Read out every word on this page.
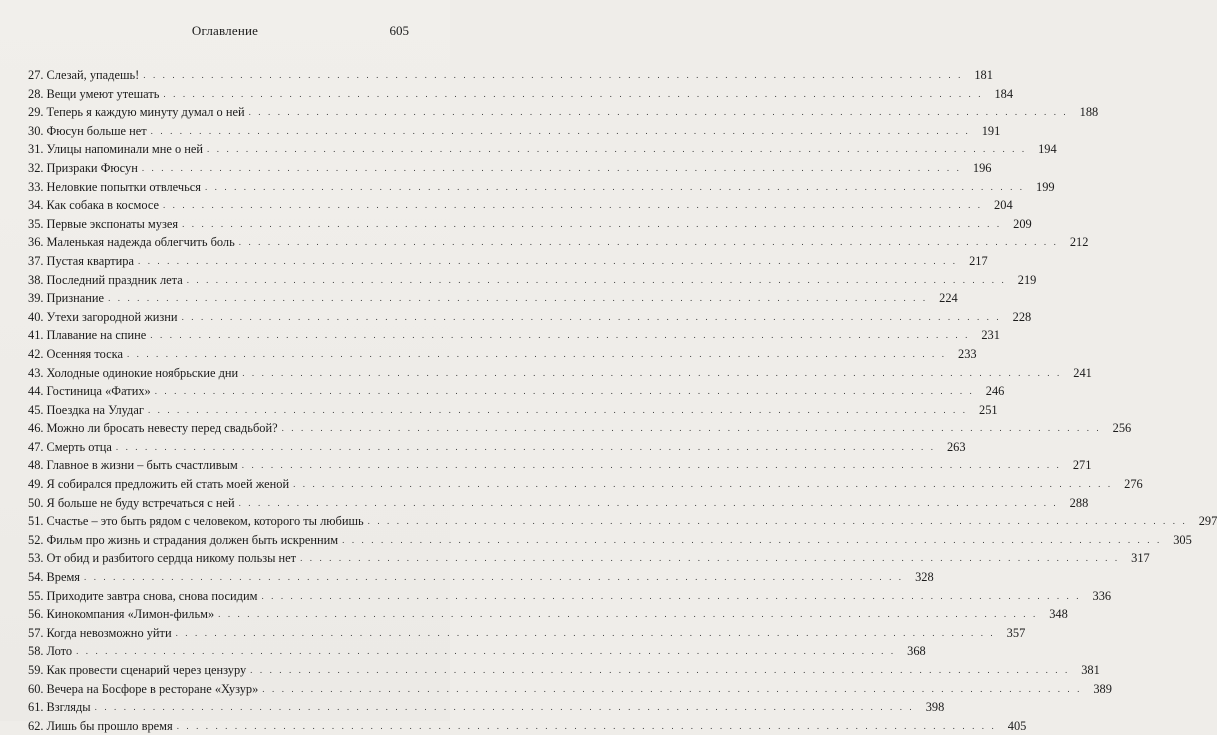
Оглавление	605
27. Слезай, упадешь! . . .	181
28. Вещи умеют утешать . . .	184
29. Теперь я каждую минуту думал о ней . . .	188
30. Фюсун больше нет . . .	191
31. Улицы напоминали мне о ней . . .	194
32. Призраки Фюсун . . .	196
33. Неловкие попытки отвлечься . . .	199
34. Как собака в космосе . . .	204
35. Первые экспонаты музея . . .	209
36. Маленькая надежда облегчить боль . . .	212
37. Пустая квартира . . .	217
38. Последний праздник лета . . .	219
39. Признание . . .	224
40. Утехи загородной жизни . . .	228
41. Плавание на спине . . .	231
42. Осенняя тоска . . .	233
43. Холодные одинокие ноябрьские дни . . .	241
44. Гостиница «Фатих» . . .	246
45. Поездка на Улудаг . . .	251
46. Можно ли бросать невесту перед свадьбой? . . .	256
47. Смерть отца . . .	263
48. Главное в жизни – быть счастливым . . .	271
49. Я собирался предложить ей стать моей женой . . .	276
50. Я больше не буду встречаться с ней . . .	288
51. Счастье – это быть рядом с человеком, которого ты любишь . . .	297
52. Фильм про жизнь и страдания должен быть искренним . . .	305
53. От обид и разбитого сердца никому пользы нет . . .	317
54. Время . . .	328
55. Приходите завтра снова, снова посидим . . .	336
56. Кинокомпания «Лимон-фильм» . . .	348
57. Когда невозможно уйти . . .	357
58. Лото . . .	368
59. Как провести сценарий через цензуру . . .	381
60. Вечера на Босфоре в ресторане «Хузур» . . .	389
61. Взгляды . . .	398
62. Лишь бы прошло время . . .	405
